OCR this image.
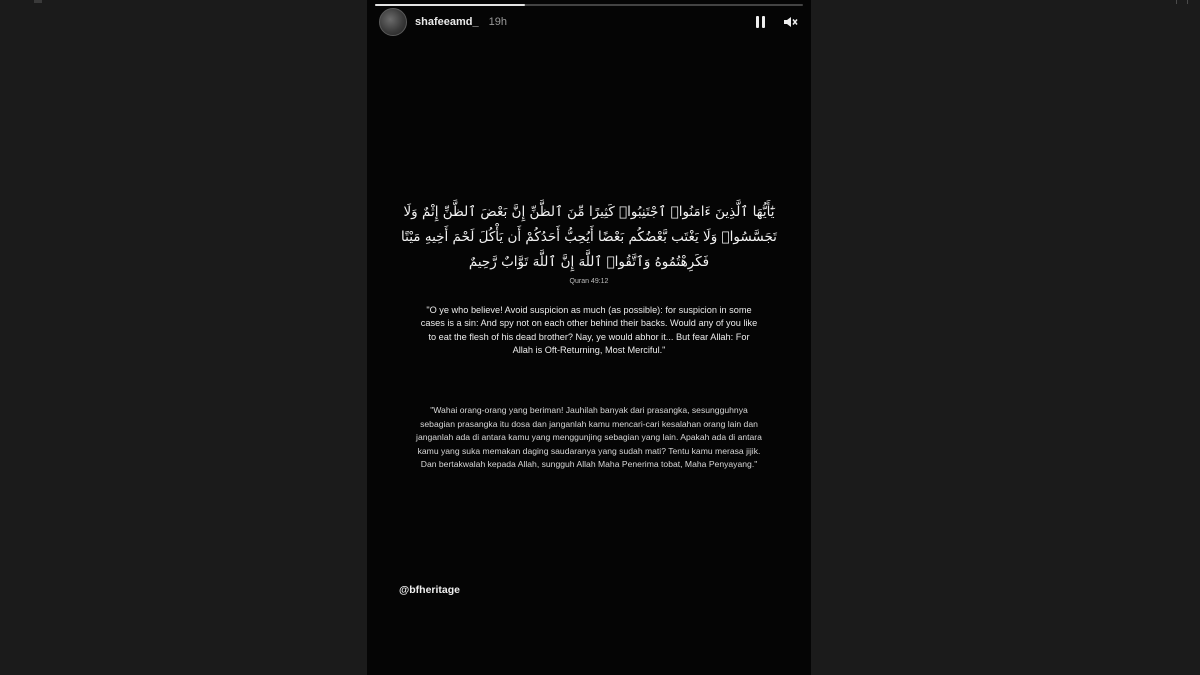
shafeeamd_ 19h
يَٰٓأَيُّهَا ٱلَّذِينَ ءَامَنُوا۟ ٱجْتَنِبُوا۟ كَثِيرًا مِّنَ ٱلظَّنِّ إِنَّ بَعْضَ ٱلظَّنِّ إِثْمٌ وَلَا تَجَسَّسُوا۟ وَلَا يَغْتَب بَّعْضُكُم بَعْضًا أَيُحِبُّ أَحَدُكُمْ أَن يَأْكُلَ لَحْمَ أَخِيهِ مَيْتًا فَكَرِهْتُمُوهُ وَٱتَّقُوا۟ ٱللَّهَ إِنَّ ٱللَّهَ تَوَّابٌ رَّحِيمٌ
Quran 49:12
"O ye who believe! Avoid suspicion as much (as possible): for suspicion in some cases is a sin: And spy not on each other behind their backs. Would any of you like to eat the flesh of his dead brother? Nay, ye would abhor it... But fear Allah: For Allah is Oft-Returning, Most Merciful."
"Wahai orang-orang yang beriman! Jauhilah banyak dari prasangka, sesungguhnya sebagian prasangka itu dosa dan janganlah kamu mencari-cari kesalahan orang lain dan janganlah ada di antara kamu yang menggunjing sebagian yang lain. Apakah ada di antara kamu yang suka memakan daging saudaranya yang sudah mati? Tentu kamu merasa jijik. Dan bertakwalah kepada Allah, sungguh Allah Maha Penerima tobat, Maha Penyayang."
@bfheritage
